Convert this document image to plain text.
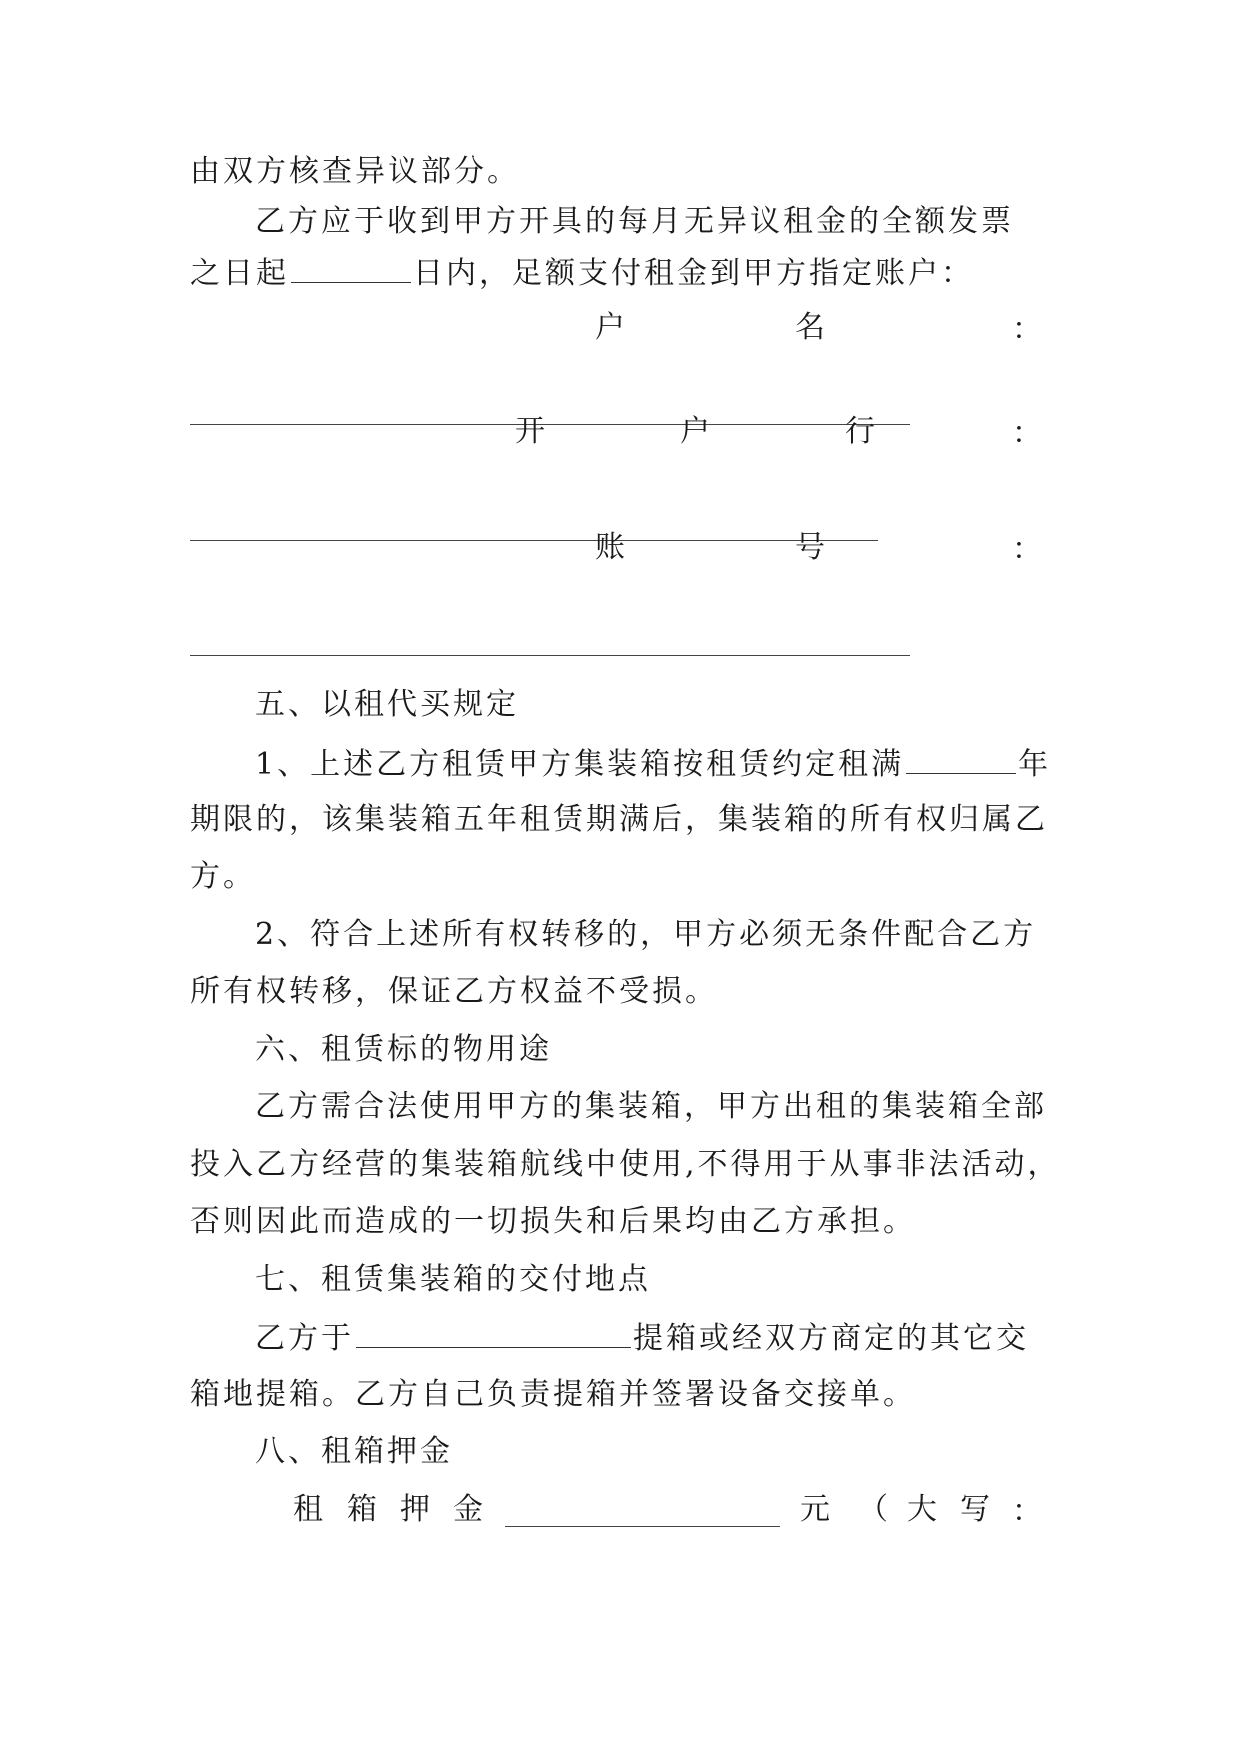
由双方核查异议部分。
乙方应于收到甲方开具的每月无异议租金的全额发票
之日起	日内，足额支付租金到甲方指定账户：
户	名	：
开	户	行	：
账	号	：
五、以租代买规定
1、上述乙方租赁甲方集装箱按租赁约定租满	年
期限的，该集装箱五年租赁期满后，集装箱的所有权归属乙
方。
2、符合上述所有权转移的，甲方必须无条件配合乙方
所有权转移，保证乙方权益不受损。
六、租赁标的物用途
乙方需合法使用甲方的集装箱，甲方出租的集装箱全部
投入乙方经营的集装箱航线中使用,不得用于从事非法活动，
否则因此而造成的一切损失和后果均由乙方承担。
七、租赁集装箱的交付地点
乙方于	提箱或经双方商定的其它交
箱地提箱。乙方自己负责提箱并签署设备交接单。
八、租箱押金
租 箱 押 金	元 （ 大 写 ：
